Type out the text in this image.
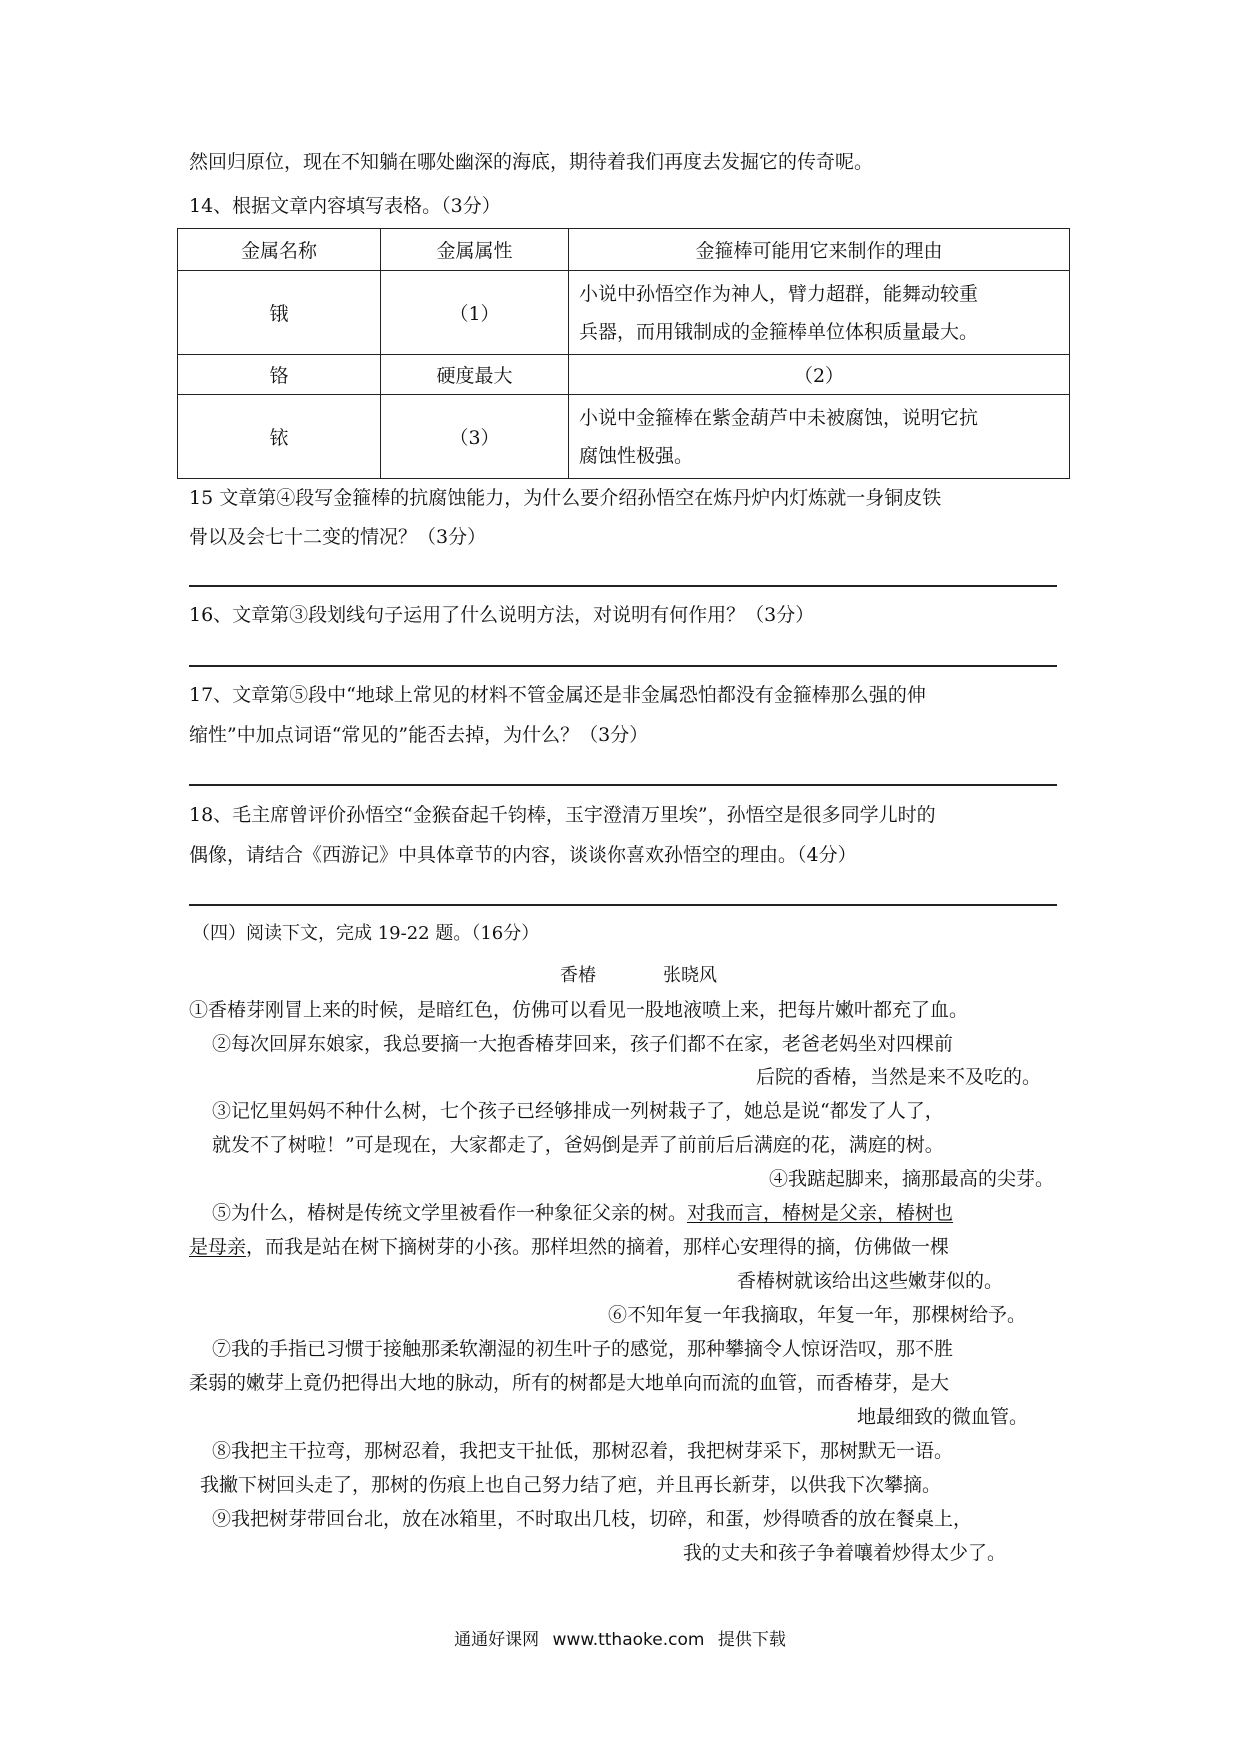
然回归原位，现在不知躺在哪处幽深的海底，期待着我们再度去发掘它的传奇呢。
14、根据文章内容填写表格。（3分）
金属名称	金属属性	金箍棒可能用它来制作的理由
锇	（1）	小说中孙悟空作为神人，臂力超群，能舞动较重
兵器，而用锇制成的金箍棒单位体积质量最大。

铬	硬度最大	（2）
铱	（3）	小说中金箍棒在紫金葫芦中未被腐蚀，说明它抗
腐蚀性极强。
15 文章第④段写金箍棒的抗腐蚀能力，为什么要介绍孙悟空在炼丹炉内灯炼就一身铜皮铁
骨以及会七十二变的情况？（3分）
16、文章第③段划线句子运用了什么说明方法，对说明有何作用？（3分）
17、文章第⑤段中“地球上常见的材料不管金属还是非金属恐怕都没有金箍棒那么强的伸
缩性”中加点词语“常见的”能否去掉，为什么？（3分）
18、毛主席曾评价孙悟空“金猴奋起千钧棒，玉宇澄清万里埃”，孙悟空是很多同学儿时的
偶像，请结合《西游记》中具体章节的内容，谈谈你喜欢孙悟空的理由。（4分）
（四）阅读下文，完成 19-22 题。（16分）
香椿	张晓风
①香椿芽刚冒上来的时候，是暗红色，仿佛可以看见一股地液喷上来，把每片嫩叶都充了血。
②每次回屏东娘家，我总要摘一大抱香椿芽回来，孩子们都不在家，老爸老妈坐对四棵前
后院的香椿，当然是来不及吃的。
③记忆里妈妈不种什么树，七个孩子已经够排成一列树栽子了，她总是说“都发了人了，
就发不了树啦！”可是现在，大家都走了，爸妈倒是弄了前前后后满庭的花，满庭的树。
④我踮起脚来，摘那最高的尖芽。
⑤为什么，椿树是传统文学里被看作一种象征父亲的树。对我而言，椿树是父亲，椿树也
是母亲，而我是站在树下摘树芽的小孩。那样坦然的摘着，那样心安理得的摘，仿佛做一棵
香椿树就该给出这些嫩芽似的。
⑥不知年复一年我摘取，年复一年，那棵树给予。
⑦我的手指已习惯于接触那柔软潮湿的初生叶子的感觉，那种攀摘令人惊讶浩叹，那不胜
柔弱的嫩芽上竟仍把得出大地的脉动，所有的树都是大地单向而流的血管，而香椿芽，是大
地最细致的微血管。
⑧我把主干拉弯，那树忍着，我把支干扯低，那树忍着，我把树芽采下，那树默无一语。
我撇下树回头走了，那树的伤痕上也自己努力结了疤，并且再长新芽，以供我下次攀摘。
⑨我把树芽带回台北，放在冰箱里，不时取出几枝，切碎，和蛋，炒得喷香的放在餐桌上，
我的丈夫和孩子争着嚷着炒得太少了。
通通好课网 www.tthaoke.com 提供下载
